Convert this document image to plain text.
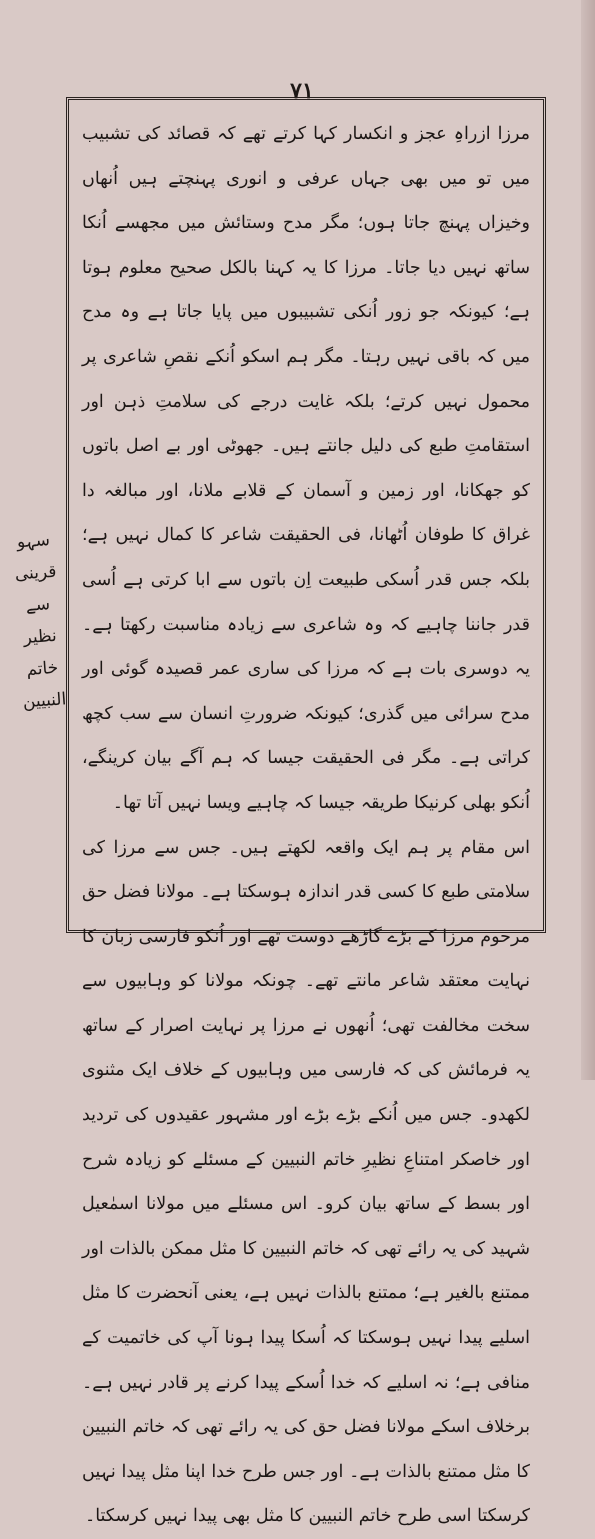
۷۱
سہو
قرینی سے
نظیر
خاتم النبیین

مرزا ازراہِ عجز و انکسار کہا کرتے تھے کہ قصائد کی تشبیب میں تو میں بھی جہاں عرفی و انوری پہنچتے ہیں اُنھاں وخیزاں پہنچ جاتا ہوں؛ مگر مدح وستائش میں مجھسے اُنکا ساتھ نہیں دیا جاتا۔ مرزا کا یہ کہنا بالکل صحیح معلوم ہوتا ہے؛ کیونکہ جو زور اُنکی تشبیبوں میں پایا جاتا ہے وہ مدح میں کہ باقی نہیں رہتا۔ مگر ہم اسکو اُنکے نقصِ شاعری پر محمول نہیں کرتے؛ بلکہ غایت درجے کی سلامتِ ذہن اور استقامتِ طبع کی دلیل جانتے ہیں۔ جھوٹی اور بے اصل باتوں کو جھکانا، اور زمین و آسمان کے قلابے ملانا، اور مبالغہ دا غراق کا طوفان اُٹھانا، فی الحقیقت شاعر کا کمال نہیں ہے؛ بلکہ جس قدر اُسکی طبیعت اِن باتوں سے ابا کرتی ہے اُسی قدر جاننا چاہیے کہ وہ شاعری سے زیادہ مناسبت رکھتا ہے۔ یہ دوسری بات ہے کہ مرزا کی ساری عمر قصیدہ گوئی اور مدح سرائی میں گذری؛ کیونکہ ضرورتِ انسان سے سب کچھ کراتی ہے۔ مگر فی الحقیقت جیسا کہ ہم آگے بیان کرینگے، اُنکو بھلی کرنیکا طریقہ جیسا کہ چاہیے ویسا نہیں آتا تھا۔

اس مقام پر ہم ایک واقعہ لکھتے ہیں۔ جس سے مرزا کی سلامتی طبع کا کسی قدر اندازہ ہوسکتا ہے۔ مولانا فضل حق مرحوم مرزا کے بڑے گاڑھے دوست تھے اور اُنکو فارسی زبان کا نہایت معتقد شاعر مانتے تھے۔ چونکہ مولانا کو وہابیوں سے سخت مخالفت تھی؛ اُنھوں نے مرزا پر نہایت اصرار کے ساتھ یہ فرمائش کی کہ فارسی میں وہابیوں کے خلاف ایک مثنوی لکھدو۔ جس میں اُنکے بڑے بڑے اور مشہور عقیدوں کی تردید اور خاصکر امتناعِ نظیرِ خاتم النبیین کے مسئلے کو زیادہ شرح اور بسط کے ساتھ بیان کرو۔ اس مسئلے میں مولانا اسمٰعیل شہید کی یہ رائے تھی کہ خاتم النبیین کا مثل ممکن بالذات اور ممتنع بالغیر ہے؛ ممتنع بالذات نہیں ہے، یعنی آنحضرت کا مثل اسلیے پیدا نہیں ہوسکتا کہ اُسکا پیدا ہونا آپ کی خاتمیت کے منافی ہے؛ نہ اسلیے کہ خدا اُسکے پیدا کرنے پر قادر نہیں ہے۔ برخلاف اسکے مولانا فضل حق کی یہ رائے تھی کہ خاتم النبیین کا مثل ممتنع بالذات ہے۔ اور جس طرح خدا اپنا مثل پیدا نہیں کرسکتا اسی طرح خاتم النبیین کا مثل بھی پیدا نہیں کرسکتا۔
